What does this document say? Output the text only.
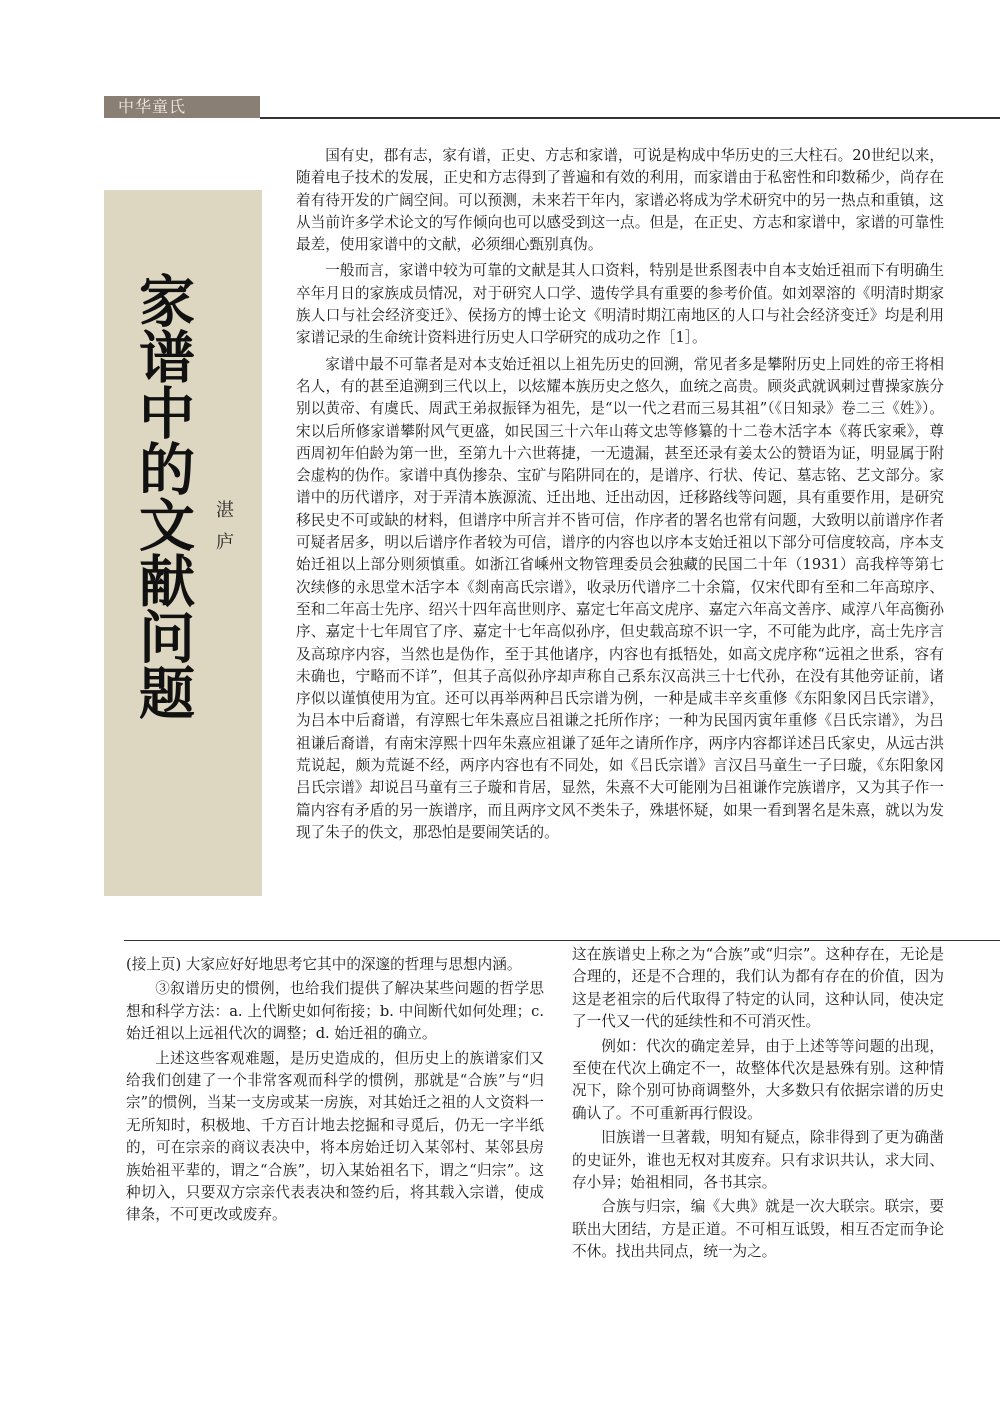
中华童氏
家谱中的文献问题 湛庐

国有史，郡有志，家有谱，正史、方志和家谱，可说是构成中华历史的三大柱石。20世纪以来，随着电子技术的发展，正史和方志得到了普遍和有效的利用，而家谱由于私密性和印数稀少，尚存在着有待开发的广阔空间。可以预测，未来若干年内，家谱必将成为学术研究中的另一热点和重镇，这从当前许多学术论文的写作倾向也可以感受到这一点。但是，在正史、方志和家谱中，家谱的可靠性最差，使用家谱中的文献，必须细心甄别真伪。

一般而言，家谱中较为可靠的文献是其人口资料，特别是世系图表中自本支始迁祖而下有明确生卒年月日的家族成员情况，对于研究人口学、遗传学具有重要的参考价值。如刘翠溶的《明清时期家族人口与社会经济变迁》、侯扬方的博士论文《明清时期江南地区的人口与社会经济变迁》均是利用家谱记录的生命统计资料进行历史人口学研究的成功之作［1］。

家谱中最不可靠者是对本支始迁祖以上祖先历史的回溯，常见者多是攀附历史上同姓的帝王将相名人，有的甚至追溯到三代以上，以炫耀本族历史之悠久，血统之高贵。顾炎武就讽刺过曹操家族分别以黄帝、有虞氏、周武王弟叔振铎为祖先，是“以一代之君而三易其祖”（《日知录》卷二三《姓》）。宋以后所修家谱攀附风气更盛，如民国三十六年山蒋文忠等修纂的十二卷木活字本《蒋氏家乘》，尊西周初年伯龄为第一世，至第九十六世蒋捷，一无遗漏，甚至还录有姜太公的赞语为证，明显属于附会虚构的伪作。家谱中真伪掺杂、宝矿与陷阱同在的，是谱序、行状、传记、墓志铭、艺文部分。家谱中的历代谱序，对于弄清本族源流、迁出地、迁出动因，迁移路线等问题，具有重要作用，是研究移民史不可或缺的材料，但谱序中所言并不皆可信，作序者的署名也常有问题，大致明以前谱序作者可疑者居多，明以后谱序作者较为可信，谱序的内容也以序本支始迁祖以下部分可信度较高，序本支始迁祖以上部分则须慎重。如浙江省嵊州文物管理委员会独藏的民国二十年（1931）高我梓等第七次续修的永思堂木活字本《剡南高氏宗谱》，收录历代谱序二十余篇，仅宋代即有至和二年高琼序、至和二年高士先序、绍兴十四年高世则序、嘉定七年高文虎序、嘉定六年高文善序、咸淳八年高衡孙序、嘉定十七年周官了序、嘉定十七年高似孙序，但史载高琼不识一字，不可能为此序，高士先序言及高琼序内容，当然也是伪作，至于其他诸序，内容也有抵牾处，如高文虎序称“远祖之世系，容有未确也，宁略而不详”，但其子高似孙序却声称自己系东汉高洪三十七代孙，在没有其他旁证前，诸序似以谨慎使用为宜。还可以再举两种吕氏宗谱为例，一种是咸丰辛亥重修《东阳象冈吕氏宗谱》，为吕本中后裔谱，有淳熙七年朱熹应吕祖谦之托所作序；一种为民国丙寅年重修《吕氏宗谱》，为吕祖谦后裔谱，有南宋淳熙十四年朱熹应祖谦了延年之请所作序，两序内容都详述吕氏家史，从远古洪荒说起，颇为荒诞不经，两序内容也有不同处，如《吕氏宗谱》言汉吕马童生一子曰璇，《东阳象冈吕氏宗谱》却说吕马童有三子璇和肯居，显然，朱熹不大可能刚为吕祖谦作完族谱序，又为其子作一篇内容有矛盾的另一族谱序，而且两序文风不类朱子，殊堪怀疑，如果一看到署名是朱熹，就以为发现了朱子的佚文，那恐怕是要闹笑话的。

(接上页) 大家应好好地思考它其中的深邃的哲理与思想内涵。

③叙谱历史的惯例，也给我们提供了解决某些问题的哲学思想和科学方法：a. 上代断史如何衔接；b. 中间断代如何处理；c. 始迁祖以上远祖代次的调整；d. 始迁祖的确立。

上述这些客观难题，是历史造成的，但历史上的族谱家们又给我们创建了一个非常客观而科学的惯例，那就是“合族”与“归宗”的惯例，当某一支房或某一房族，对其始迁之祖的人文资料一无所知时，积极地、千方百计地去挖掘和寻觅后，仍无一字半纸的，可在宗亲的商议表决中，将本房始迁切入某邻村、某邻县房族始祖平辈的，谓之“合族”，切入某始祖名下，谓之“归宗”。这种切入，只要双方宗亲代表表决和签约后，将其载入宗谱，使成律条，不可更改或废弃。

这在族谱史上称之为“合族”或“归宗”。这种存在，无论是合理的，还是不合理的，我们认为都有存在的价值，因为这是老祖宗的后代取得了特定的认同，这种认同，使决定了一代又一代的延续性和不可消灭性。

例如：代次的确定差异，由于上述等等问题的出现，至使在代次上确定不一，故整体代次是悬殊有别。这种情况下，除个别可协商调整外，大多数只有依据宗谱的历史确认了。不可重新再行假设。

旧族谱一旦著载，明知有疑点，除非得到了更为确凿的史证外，谁也无权对其废弃。只有求识共认，求大同、存小异；始祖相同，各书其宗。

合族与归宗，编《大典》就是一次大联宗。联宗，要联出大团结，方是正道。不可相互诋毁，相互否定而争论不休。找出共同点，统一为之。
